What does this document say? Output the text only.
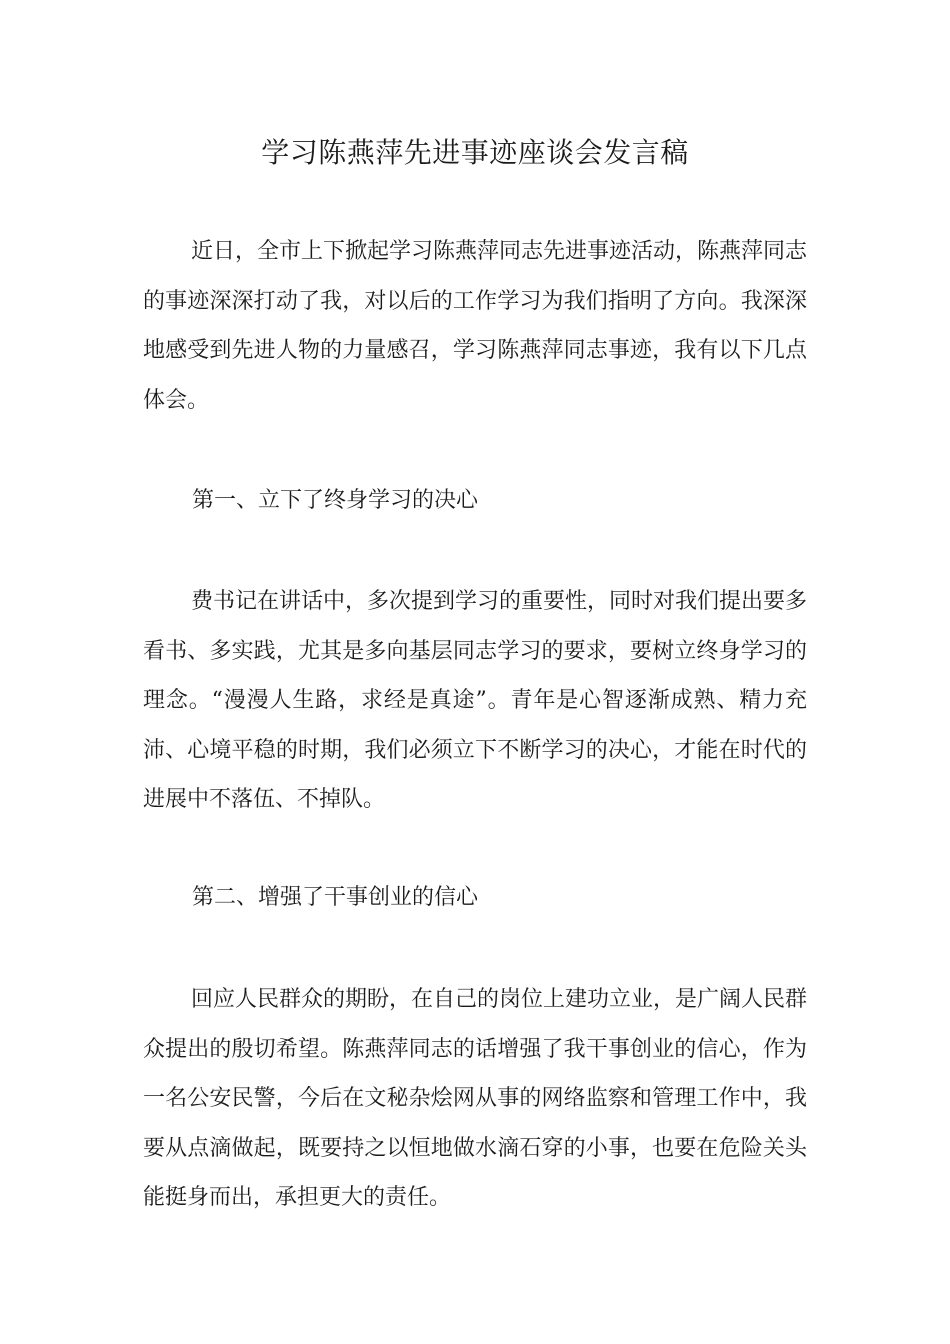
学习陈燕萍先进事迹座谈会发言稿

近日，全市上下掀起学习陈燕萍同志先进事迹活动，陈燕萍同志的事迹深深打动了我，对以后的工作学习为我们指明了方向。我深深地感受到先进人物的力量感召，学习陈燕萍同志事迹，我有以下几点体会。

第一、立下了终身学习的决心

费书记在讲话中，多次提到学习的重要性，同时对我们提出要多看书、多实践，尤其是多向基层同志学习的要求，要树立终身学习的理念。“漫漫人生路，求经是真途”。青年是心智逐渐成熟、精力充沛、心境平稳的时期，我们必须立下不断学习的决心，才能在时代的进展中不落伍、不掉队。

第二、增强了干事创业的信心

回应人民群众的期盼，在自己的岗位上建功立业，是广阔人民群众提出的殷切希望。陈燕萍同志的话增强了我干事创业的信心，作为一名公安民警，今后在文秘杂烩网从事的网络监察和管理工作中，我要从点滴做起，既要持之以恒地做水滴石穿的小事，也要在危险关头能挺身而出，承担更大的责任。
